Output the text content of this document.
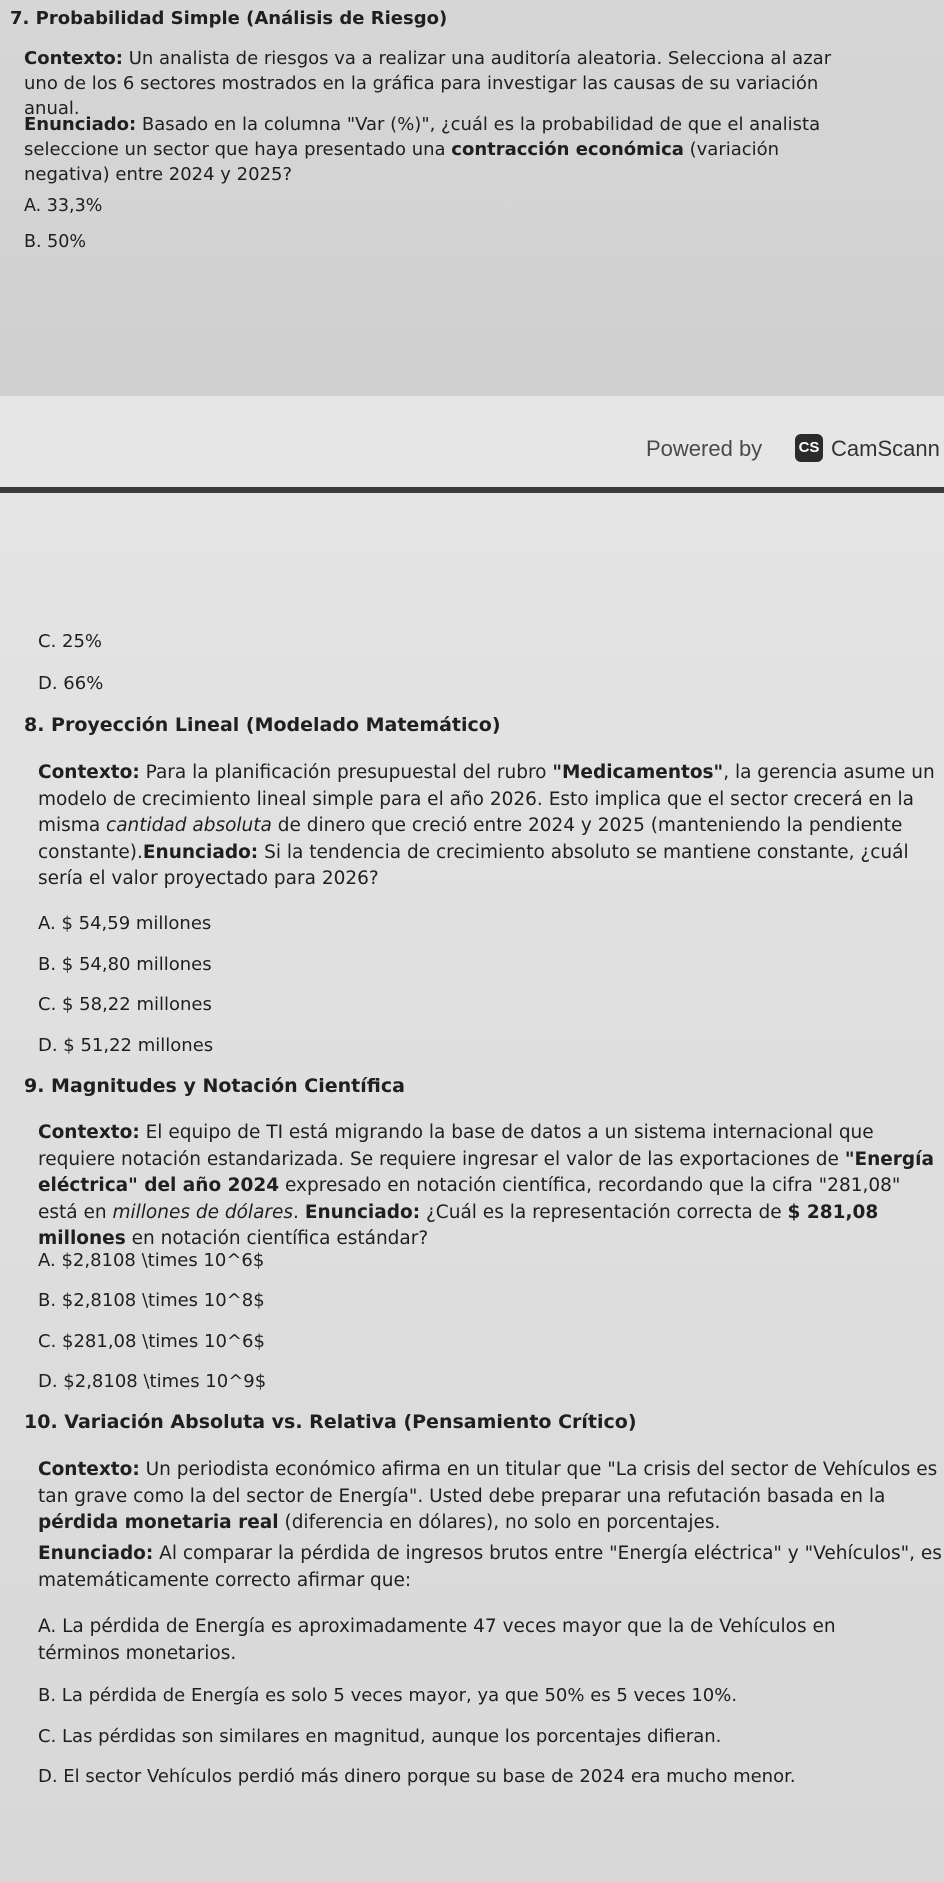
7. Probabilidad Simple (Análisis de Riesgo)

Contexto: Un analista de riesgos va a realizar una auditoría aleatoria. Selecciona al azar uno de los 6 sectores mostrados en la gráfica para investigar las causas de su variación anual.

Enunciado: Basado en la columna "Var (%)", ¿cuál es la probabilidad de que el analista seleccione un sector que haya presentado una contracción económica (variación negativa) entre 2024 y 2025?

A. 33,3%

B. 50%

Powered by CS CamScann

C. 25%

D. 66%

8. Proyección Lineal (Modelado Matemático)

Contexto: Para la planificación presupuestal del rubro "Medicamentos", la gerencia asume un modelo de crecimiento lineal simple para el año 2026. Esto implica que el sector crecerá en la misma cantidad absoluta de dinero que creció entre 2024 y 2025 (manteniendo la pendiente constante).Enunciado: Si la tendencia de crecimiento absoluto se mantiene constante, ¿cuál sería el valor proyectado para 2026?

A. $ 54,59 millones

B. $ 54,80 millones

C. $ 58,22 millones

D. $ 51,22 millones

9. Magnitudes y Notación Científica

Contexto: El equipo de TI está migrando la base de datos a un sistema internacional que requiere notación estandarizada. Se requiere ingresar el valor de las exportaciones de "Energía eléctrica" del año 2024 expresado en notación científica, recordando que la cifra "281,08" está en millones de dólares. Enunciado: ¿Cuál es la representación correcta de $ 281,08 millones en notación científica estándar?

A. $2,8108 \times 10^6$

B. $2,8108 \times 10^8$

C. $281,08 \times 10^6$

D. $2,8108 \times 10^9$

10. Variación Absoluta vs. Relativa (Pensamiento Crítico)

Contexto: Un periodista económico afirma en un titular que "La crisis del sector de Vehículos es tan grave como la del sector de Energía". Usted debe preparar una refutación basada en la pérdida monetaria real (diferencia en dólares), no solo en porcentajes.

Enunciado: Al comparar la pérdida de ingresos brutos entre "Energía eléctrica" y "Vehículos", es matemáticamente correcto afirmar que:

A. La pérdida de Energía es aproximadamente 47 veces mayor que la de Vehículos en términos monetarios.

B. La pérdida de Energía es solo 5 veces mayor, ya que 50% es 5 veces 10%.

C. Las pérdidas son similares en magnitud, aunque los porcentajes difieran.

D. El sector Vehículos perdió más dinero porque su base de 2024 era mucho menor.
